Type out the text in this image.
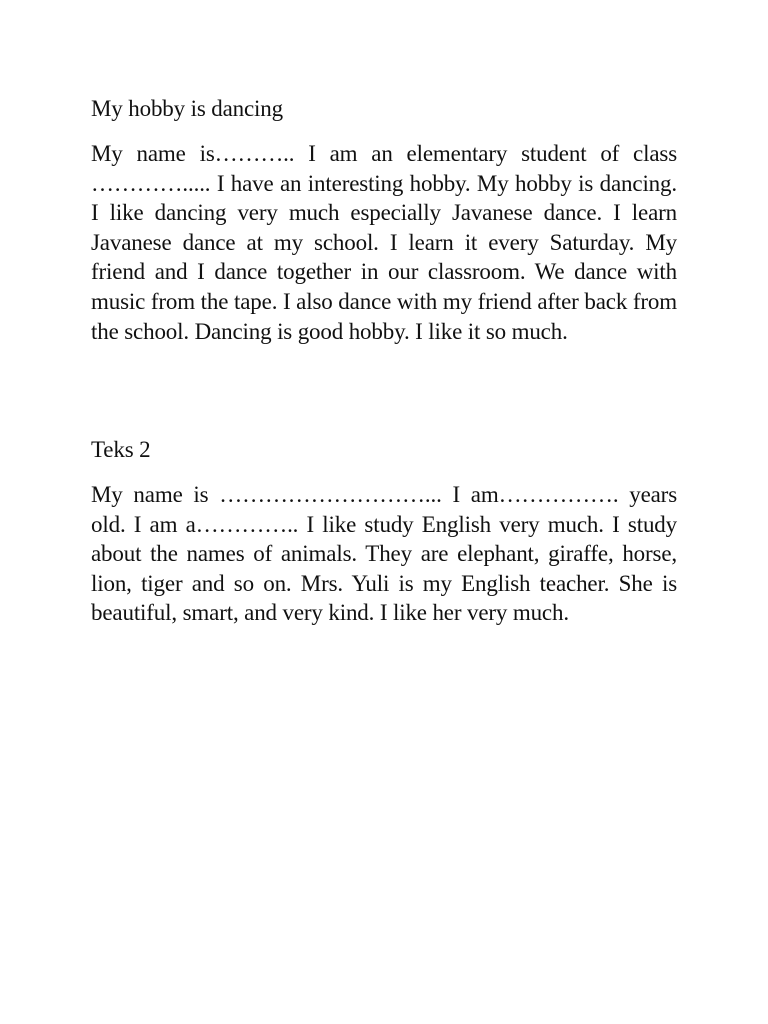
My hobby is dancing

My name is……….. I am an elementary student of class …………..... I have an interesting hobby. My hobby is dancing. I like dancing very much especially Javanese dance. I learn Javanese dance at my school. I learn it every Saturday. My friend and I dance together in our classroom. We dance with music from the tape. I also dance with my friend after back from the school. Dancing is good hobby. I like it so much.

Teks 2

My name is ………………………... I am……………. years old. I am a………….. I like study English very much. I study about the names of animals. They are elephant, giraffe, horse, lion, tiger and so on. Mrs. Yuli is my English teacher. She is beautiful, smart, and very kind. I like her very much.
